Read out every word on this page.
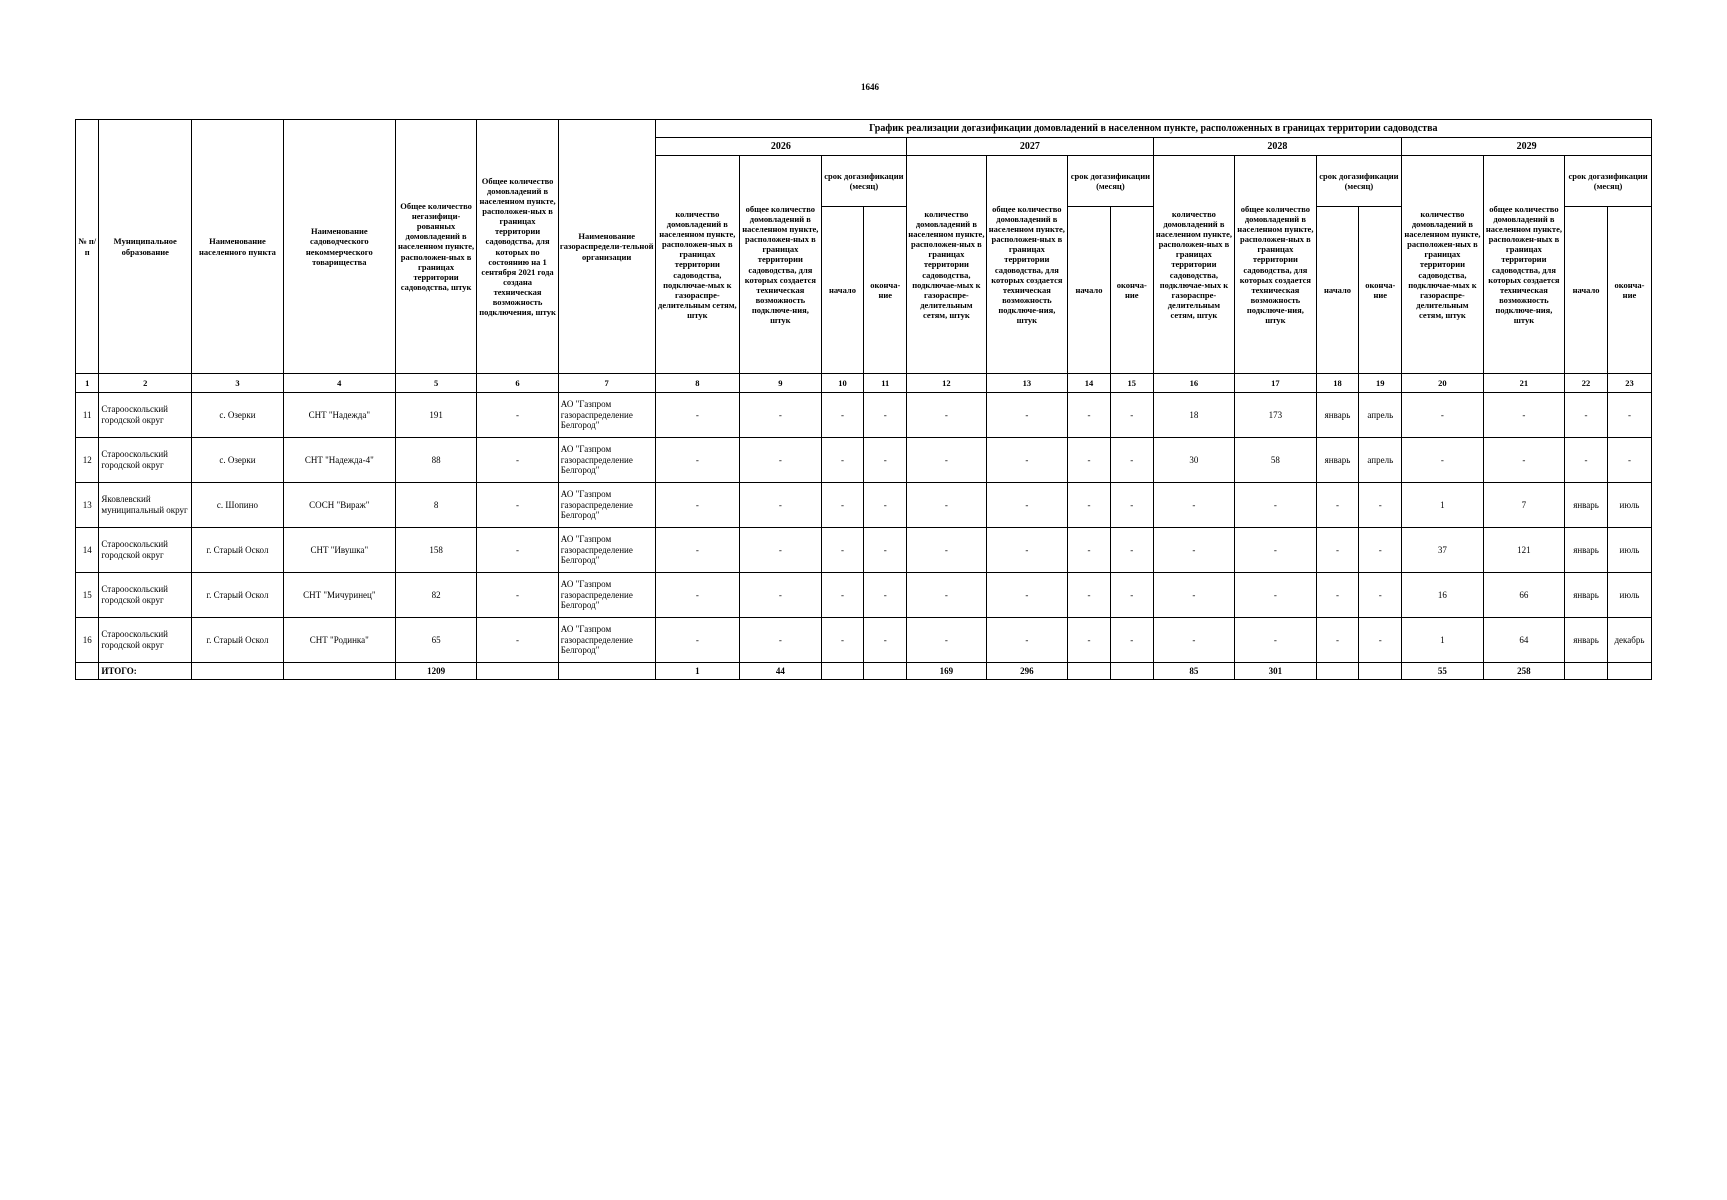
1646
№ п/п	Муниципальное образование	Наименование населенного пункта	Наименование садоводческого некоммерческого товарищества	Общее количество негазифици-рованных домовладений в населенном пункте, расположен-ных в границах территории садоводства, штук	Общее количество домовладений в населенном пункте, расположен-ных в границах территории садоводства, для которых по состоянию на 1 сентября 2021 года создана техническая возможность подключения, штук	Наименование газораспредели-тельной организации	График реализации догазификации домовладений в населенном пункте, расположенных в границах территории садоводства															
							2026				2027				2028				2029			
							количество домовладений в населенном пункте, расположен-ных в границах территории садоводства, подключае-мых к газораспре-делительным сетям, штук	общее количество домовладений в населенном пункте, расположен-ных в границах территории садоводства, для которых создается техническая возможность подключе-ния, штук	срок догазификации (месяц)		количество домовладений в населенном пункте, расположен-ных в границах территории садоводства, подключае-мых к газораспре-делительным сетям, штук	общее количество домовладений в населенном пункте, расположен-ных в границах территории садоводства, для которых создается техническая возможность подключе-ния, штук	срок догазификации (месяц)		количество домовладений в населенном пункте, расположен-ных в границах территории садоводства, подключае-мых к газораспре-делительным сетям, штук	общее количество домовладений в населенном пункте, расположен-ных в границах территории садоводства, для которых создается техническая возможность подключе-ния, штук	срок догазификации (месяц)		количество домовладений в населенном пункте, расположен-ных в границах территории садоводства, подключае-мых к газораспре-делительным сетям, штук	общее количество домовладений в населенном пункте, расположен-ных в границах территории садоводства, для которых создается техническая возможность подключе-ния, штук	срок догазификации (месяц)	
									начало	оконча-ние			начало	оконча-ние			начало	оконча-ние			начало	оконча-ние
1	2	3	4	5	6	7	8	9	10	11	12	13	14	15	16	17	18	19	20	21	22	23
11	Старооскольский городской округ	с. Озерки	СНТ "Надежда"	191	-	АО "Газпром газораспределение Белгород"	-	-	-	-	-	-	-	-	18	173	январь	апрель	-	-	-	-
12	Старооскольский городской округ	с. Озерки	СНТ "Надежда-4"	88	-	АО "Газпром газораспределение Белгород"	-	-	-	-	-	-	-	-	30	58	январь	апрель	-	-	-	-
13	Яковлевский муниципальный округ	с. Шопино	СОСН "Вираж"	8	-	АО "Газпром газораспределение Белгород"	-	-	-	-	-	-	-	-	-	-	-	-	1	7	январь	июль
14	Старооскольский городской округ	г. Старый Оскол	СНТ "Ивушка"	158	-	АО "Газпром газораспределение Белгород"	-	-	-	-	-	-	-	-	-	-	-	-	37	121	январь	июль
15	Старооскольский городской округ	г. Старый Оскол	СНТ "Мичуринец"	82	-	АО "Газпром газораспределение Белгород"	-	-	-	-	-	-	-	-	-	-	-	-	16	66	январь	июль
16	Старооскольский городской округ	г. Старый Оскол	СНТ "Родинка"	65	-	АО "Газпром газораспределение Белгород"	-	-	-	-	-	-	-	-	-	-	-	-	1	64	январь	декабрь
	ИТОГО:			1209			1	44			169	296			85	301			55	258		
